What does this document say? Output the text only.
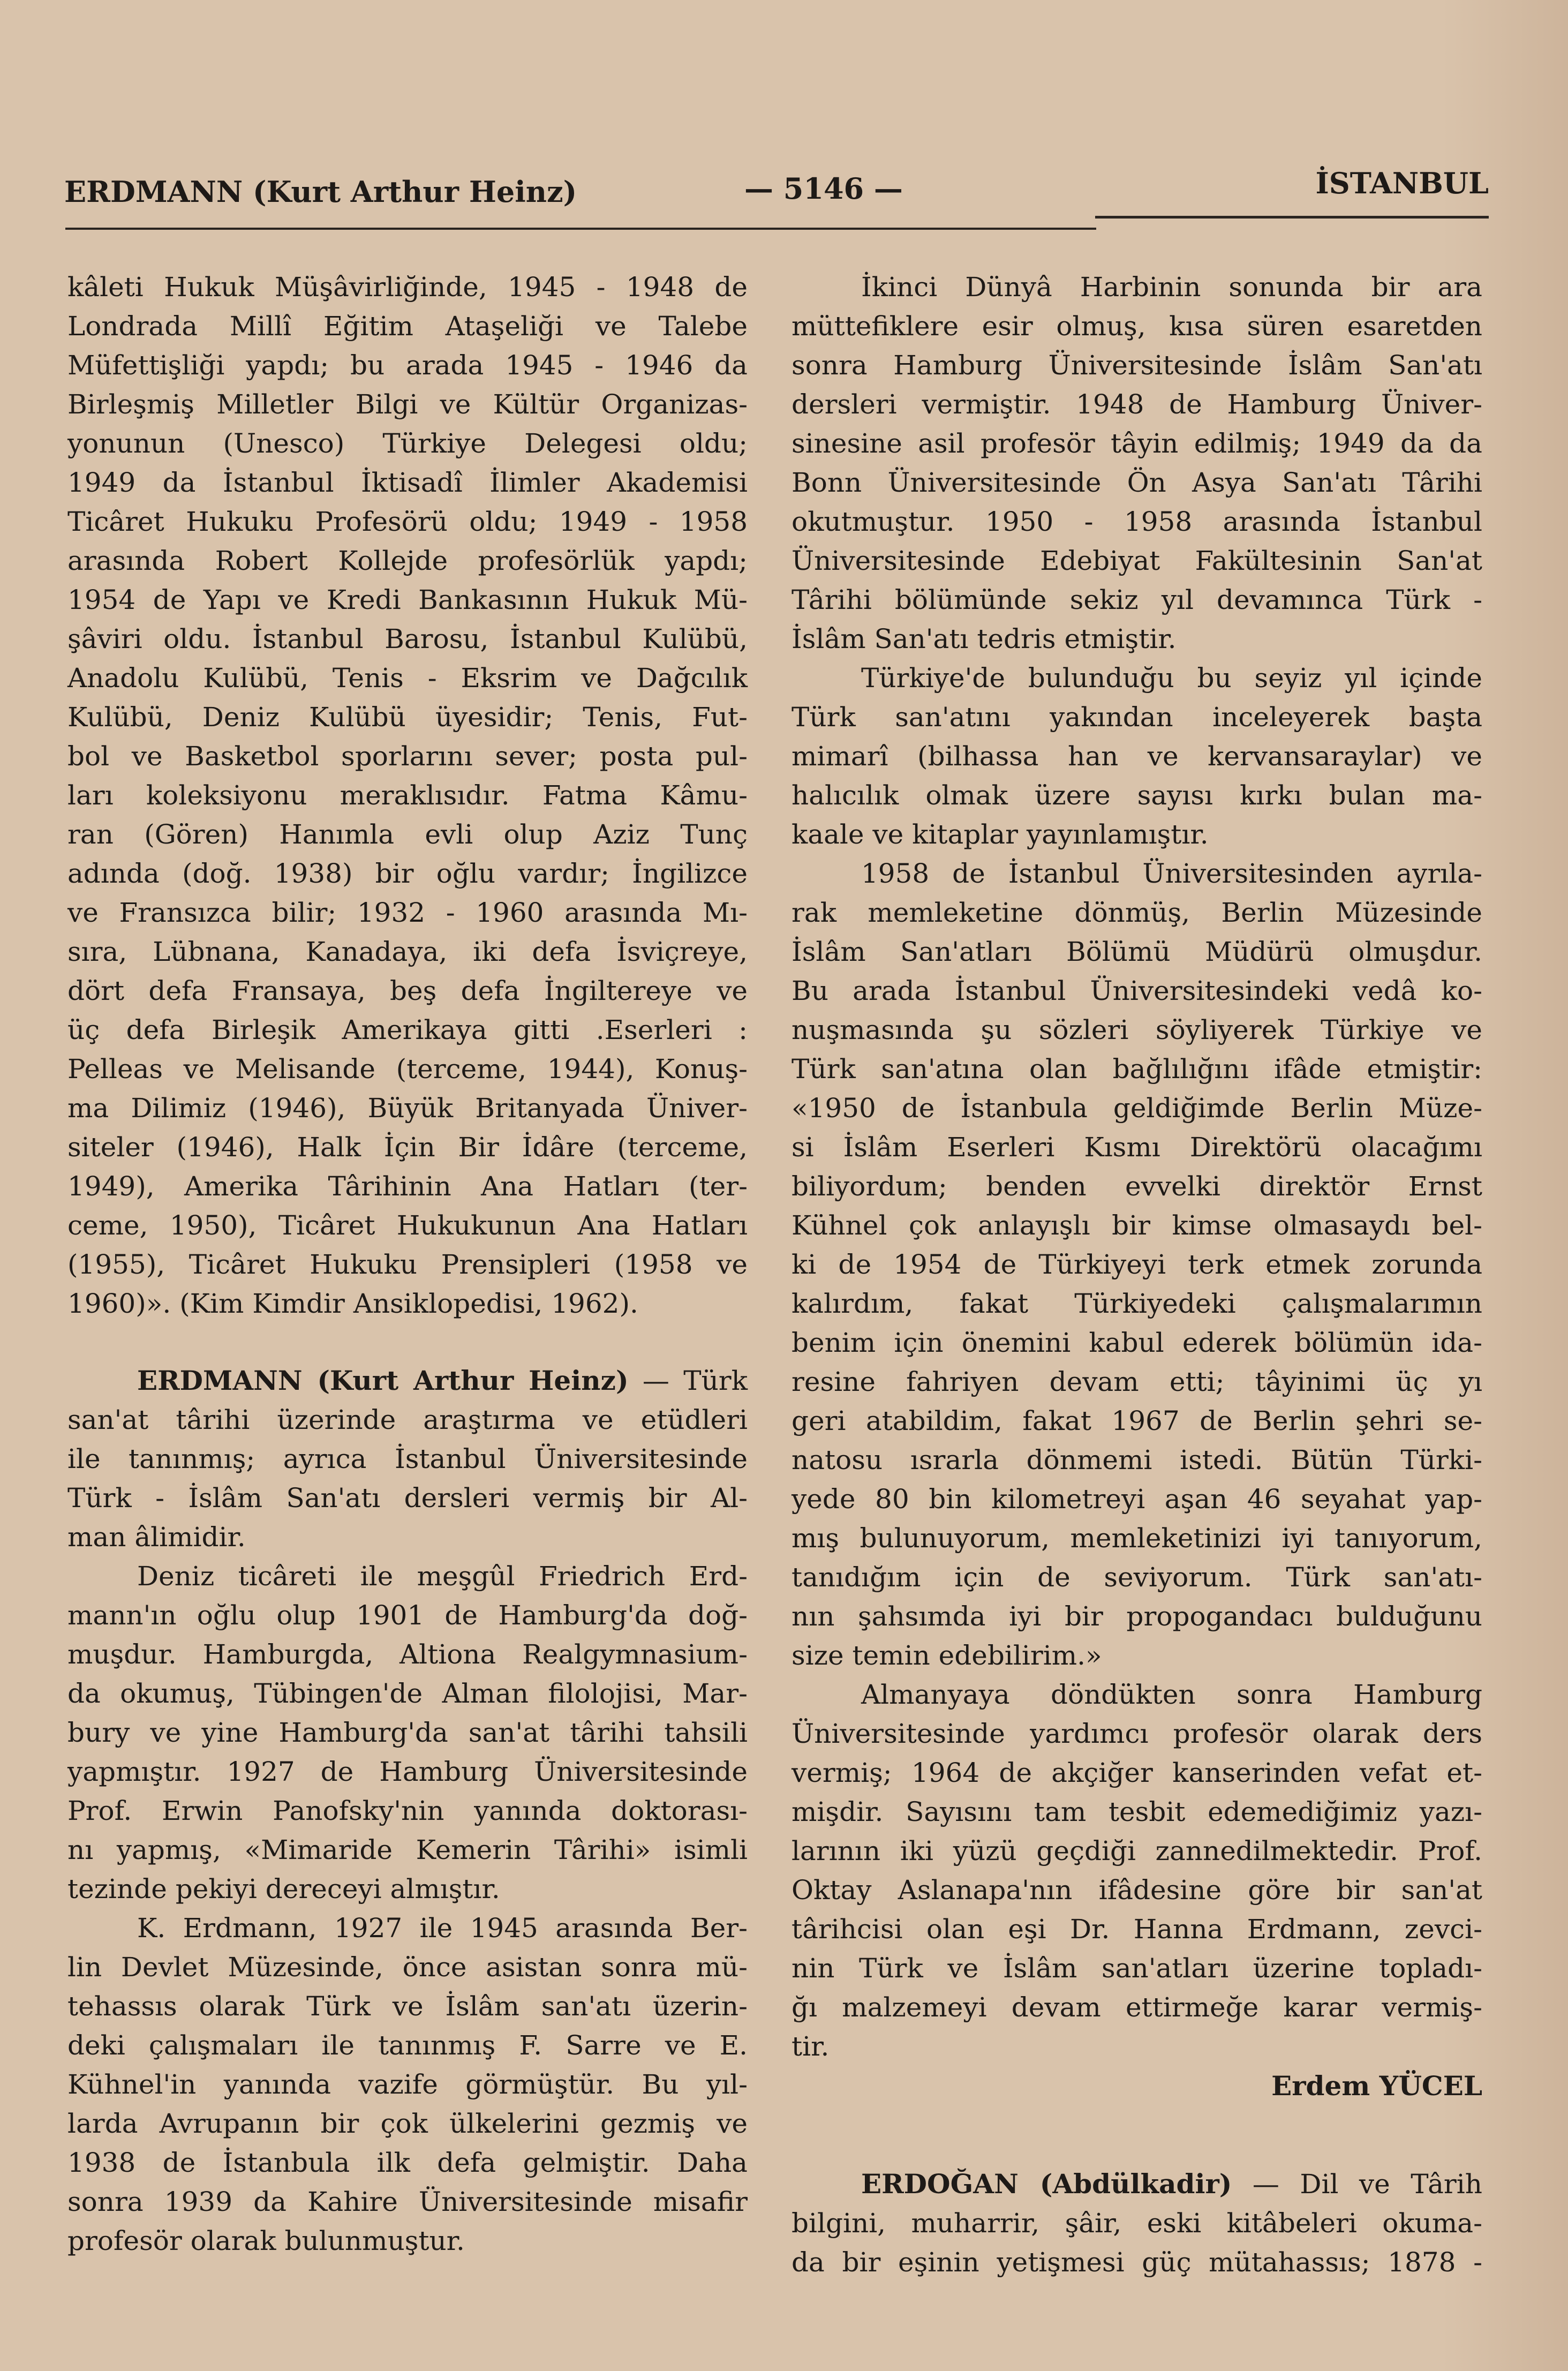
ERDMANN (Kurt Arthur Heinz)	— 5146 —	İSTANBUL

kâleti Hukuk Müşâvirliğinde, 1945 - 1948 de
Londrada Millî Eğitim Ataşeliği ve Talebe
Müfettişliği yapdı; bu arada 1945 - 1946 da
Birleşmiş Milletler Bilgi ve Kültür Organizas-
yonunun (Unesco) Türkiye Delegesi oldu;
1949 da İstanbul İktisadî İlimler Akademisi
Ticâret Hukuku Profesörü oldu; 1949 - 1958
arasında Robert Kollejde profesörlük yapdı;
1954 de Yapı ve Kredi Bankasının Hukuk Mü-
şâviri oldu. İstanbul Barosu, İstanbul Kulübü,
Anadolu Kulübü, Tenis - Eksrim ve Dağcılık
Kulübü, Deniz Kulübü üyesidir; Tenis, Fut-
bol ve Basketbol sporlarını sever; posta pul-
ları koleksiyonu meraklısıdır. Fatma Kâmu-
ran (Gören) Hanımla evli olup Aziz Tunç
adında (doğ. 1938) bir oğlu vardır; İngilizce
ve Fransızca bilir; 1932 - 1960 arasında Mı-
sıra, Lübnana, Kanadaya, iki defa İsviçreye,
dört defa Fransaya, beş defa İngiltereye ve
üç defa Birleşik Amerikaya gitti .Eserleri :
Pelleas ve Melisande (terceme, 1944), Konuş-
ma Dilimiz (1946), Büyük Britanyada Üniver-
siteler (1946), Halk İçin Bir İdâre (terceme,
1949), Amerika Târihinin Ana Hatları (ter-
ceme, 1950), Ticâret Hukukunun Ana Hatları
(1955), Ticâret Hukuku Prensipleri (1958 ve
1960)». (Kim Kimdir Ansiklopedisi, 1962).

ERDMANN (Kurt Arthur Heinz) — Türk
san'at târihi üzerinde araştırma ve etüdleri
ile tanınmış; ayrıca İstanbul Üniversitesinde
Türk - İslâm San'atı dersleri vermiş bir Al-
man âlimidir.

Deniz ticâreti ile meşgûl Friedrich Erd-
mann'ın oğlu olup 1901 de Hamburg'da doğ-
muşdur. Hamburgda, Altiona Realgymnasium-
da okumuş, Tübingen'de Alman filolojisi, Mar-
bury ve yine Hamburg'da san'at târihi tahsili
yapmıştır. 1927 de Hamburg Üniversitesinde
Prof. Erwin Panofsky'nin yanında doktorası-
nı yapmış, «Mimaride Kemerin Târihi» isimli
tezinde pekiyi dereceyi almıştır.

K. Erdmann, 1927 ile 1945 arasında Ber-
lin Devlet Müzesinde, önce asistan sonra mü-
tehassıs olarak Türk ve İslâm san'atı üzerin-
deki çalışmaları ile tanınmış F. Sarre ve E.
Kühnel'in yanında vazife görmüştür. Bu yıl-
larda Avrupanın bir çok ülkelerini gezmiş ve
1938 de İstanbula ilk defa gelmiştir. Daha
sonra 1939 da Kahire Üniversitesinde misafir
profesör olarak bulunmuştur.

İkinci Dünyâ Harbinin sonunda bir ara
müttefiklere esir olmuş, kısa süren esaretden
sonra Hamburg Üniversitesinde İslâm San'atı
dersleri vermiştir. 1948 de Hamburg Üniver-
sinesine asil profesör tâyin edilmiş; 1949 da da
Bonn Üniversitesinde Ön Asya San'atı Târihi
okutmuştur. 1950 - 1958 arasında İstanbul
Üniversitesinde Edebiyat Fakültesinin San'at
Târihi bölümünde sekiz yıl devamınca Türk -
İslâm San'atı tedris etmiştir.

Türkiye'de bulunduğu bu seyiz yıl içinde
Türk san'atını yakından inceleyerek başta
mimarî (bilhassa han ve kervansaraylar) ve
halıcılık olmak üzere sayısı kırkı bulan ma-
kaale ve kitaplar yayınlamıştır.

1958 de İstanbul Üniversitesinden ayrıla-
rak memleketine dönmüş, Berlin Müzesinde
İslâm San'atları Bölümü Müdürü olmuşdur.
Bu arada İstanbul Üniversitesindeki vedâ ko-
nuşmasında şu sözleri söyliyerek Türkiye ve
Türk san'atına olan bağlılığını ifâde etmiştir:
«1950 de İstanbula geldiğimde Berlin Müze-
si İslâm Eserleri Kısmı Direktörü olacağımı
biliyordum; benden evvelki direktör Ernst
Kühnel çok anlayışlı bir kimse olmasaydı bel-
ki de 1954 de Türkiyeyi terk etmek zorunda
kalırdım, fakat Türkiyedeki çalışmalarımın
benim için önemini kabul ederek bölümün ida-
resine fahriyen devam etti; tâyinimi üç yı
geri atabildim, fakat 1967 de Berlin şehri se-
natosu ısrarla dönmemi istedi. Bütün Türki-
yede 80 bin kilometreyi aşan 46 seyahat yap-
mış bulunuyorum, memleketinizi iyi tanıyorum,
tanıdığım için de seviyorum. Türk san'atı-
nın şahsımda iyi bir propogandacı bulduğunu
size temin edebilirim.»

Almanyaya döndükten sonra Hamburg
Üniversitesinde yardımcı profesör olarak ders
vermiş; 1964 de akçiğer kanserinden vefat et-
mişdir. Sayısını tam tesbit edemediğimiz yazı-
larının iki yüzü geçdiği zannedilmektedir. Prof.
Oktay Aslanapa'nın ifâdesine göre bir san'at
târihcisi olan eşi Dr. Hanna Erdmann, zevci-
nin Türk ve İslâm san'atları üzerine topladı-
ğı malzemeyi devam ettirmeğe karar vermiş-
tir.

Erdem YÜCEL

ERDOĞAN (Abdülkadir) — Dil ve Târih
bilgini, muharrir, şâir, eski kitâbeleri okuma-
da bir eşinin yetişmesi güç mütahassıs; 1878 -
